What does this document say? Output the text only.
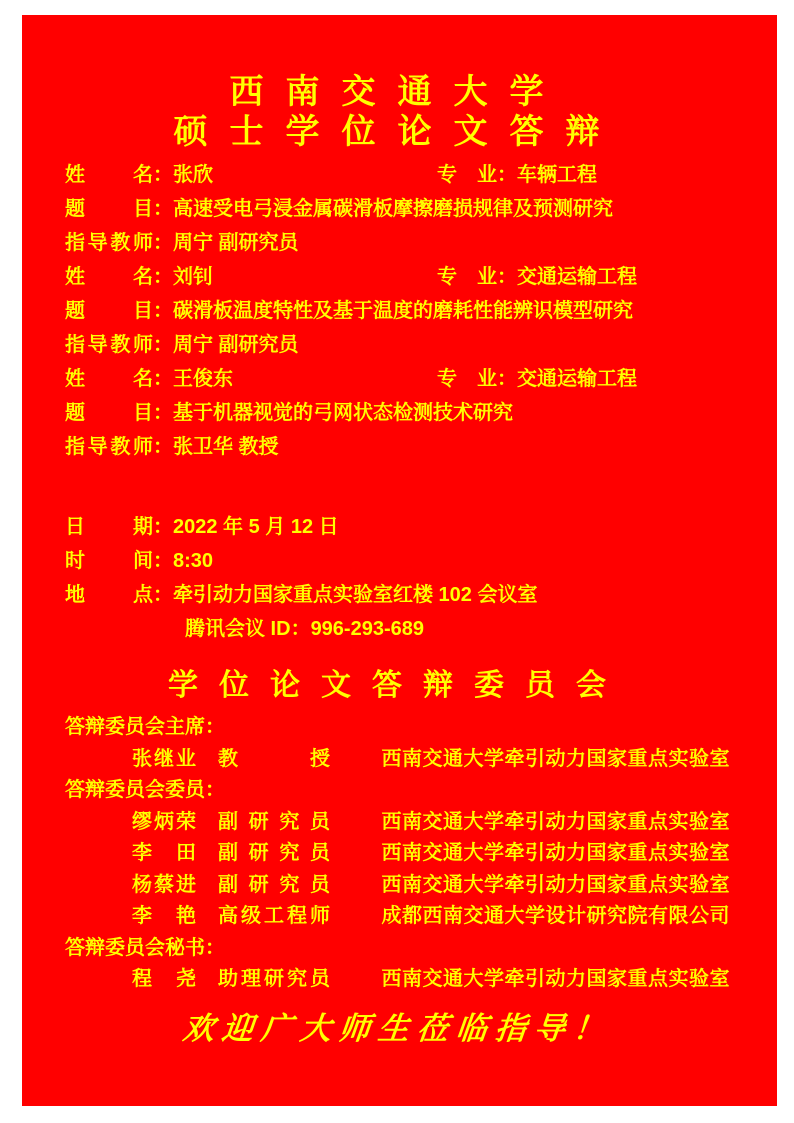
西南交通大学
硕士学位论文答辩
姓名：张欣	专业：车辆工程
题目：高速受电弓浸金属碳滑板摩擦磨损规律及预测研究
指导教师：周宁 副研究员
姓名：刘钊	专业：交通运输工程
题目：碳滑板温度特性及基于温度的磨耗性能辨识模型研究
指导教师：周宁 副研究员
姓名：王俊东	专业：交通运输工程
题目：基于机器视觉的弓网状态检测技术研究
指导教师：张卫华 教授
日期：2022 年 5 月 12 日
时间：8:30
地点：牵引动力国家重点实验室红楼 102 会议室
腾讯会议 ID：996-293-689
学位论文答辩委员会
答辩委员会主席：
张继业 教授	西南交通大学牵引动力国家重点实验室
答辩委员会委员：
缪炳荣 副研究员	西南交通大学牵引动力国家重点实验室
李田 副研究员	西南交通大学牵引动力国家重点实验室
杨蔡进 副研究员	西南交通大学牵引动力国家重点实验室
李艳 高级工程师	成都西南交通大学设计研究院有限公司
答辩委员会秘书：
程尧 助理研究员	西南交通大学牵引动力国家重点实验室
欢迎广大师生莅临指导！
